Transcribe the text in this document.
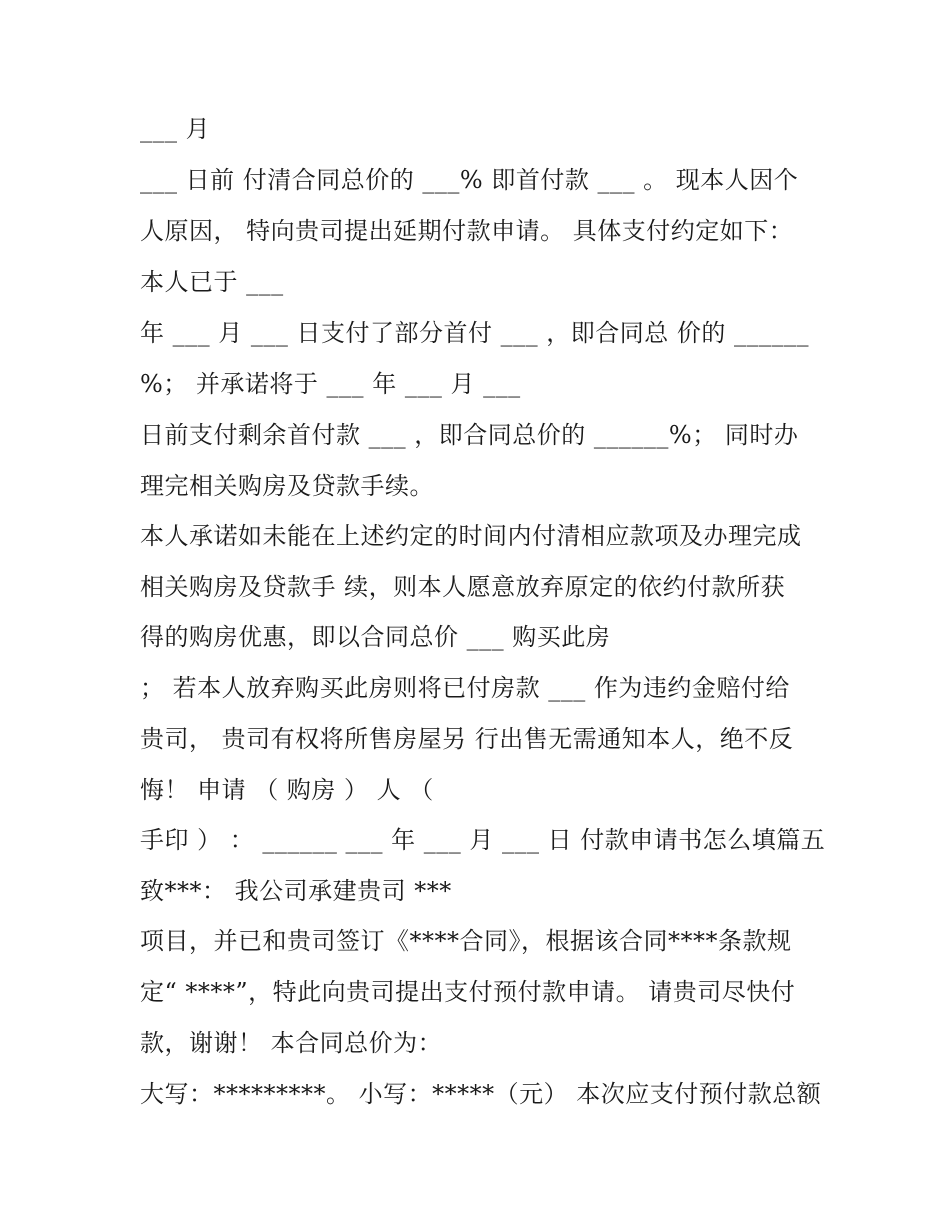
___ 月
___ 日前 付清合同总价的 ___% 即首付款 ___ 。 现本人因个
人原因， 特向贵司提出延期付款申请。 具体支付约定如下：
本人已于 ___
年 ___ 月 ___ 日支付了部分首付 ___ ，即合同总 价的 ______
%； 并承诺将于 ___ 年 ___ 月 ___
日前支付剩余首付款 ___ ，即合同总价的 ______%； 同时办
理完相关购房及贷款手续。
本人承诺如未能在上述约定的时间内付清相应款项及办理完成
相关购房及贷款手 续，则本人愿意放弃原定的依约付款所获
得的购房优惠，即以合同总价 ___ 购买此房
； 若本人放弃购买此房则将已付房款 ___ 作为违约金赔付给
贵司， 贵司有权将所售房屋另 行出售无需通知本人，绝不反
悔！ 申请 （ 购房 ） 人 （
手印 ） ： ______ ___ 年 ___ 月 ___ 日 付款申请书怎么填篇五
致***： 我公司承建贵司 ***
项目，并已和贵司签订《****合同》，根据该合同****条款规
定“ ****”，特此向贵司提出支付预付款申请。 请贵司尽快付
款，谢谢！ 本合同总价为：
大写：*********。 小写：*****（元） 本次应支付预付款总额
